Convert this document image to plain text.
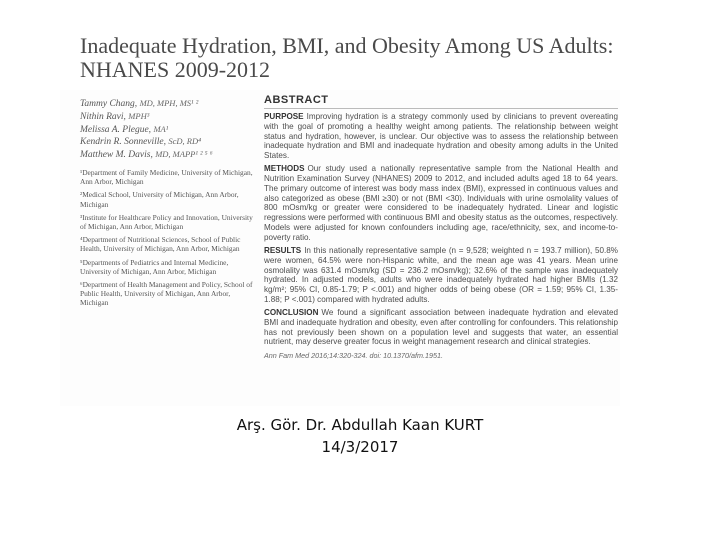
Inadequate Hydration, BMI, and Obesity Among US Adults: NHANES 2009-2012
Tammy Chang, MD, MPH, MS¹ ²
Nithin Ravi, MPH³
Melissa A. Plegue, MA¹
Kendrin R. Sonneville, ScD, RD⁴
Matthew M. Davis, MD, MAPP¹ ² ⁵ ⁶
¹Department of Family Medicine, University of Michigan, Ann Arbor, Michigan
²Medical School, University of Michigan, Ann Arbor, Michigan
³Institute for Healthcare Policy and Innovation, University of Michigan, Ann Arbor, Michigan
⁴Department of Nutritional Sciences, School of Public Health, University of Michigan, Ann Arbor, Michigan
⁵Departments of Pediatrics and Internal Medicine, University of Michigan, Ann Arbor, Michigan
⁶Department of Health Management and Policy, School of Public Health, University of Michigan, Ann Arbor, Michigan
ABSTRACT
PURPOSE Improving hydration is a strategy commonly used by clinicians to prevent overeating with the goal of promoting a healthy weight among patients. The relationship between weight status and hydration, however, is unclear. Our objective was to assess the relationship between inadequate hydration and BMI and inadequate hydration and obesity among adults in the United States.
METHODS Our study used a nationally representative sample from the National Health and Nutrition Examination Survey (NHANES) 2009 to 2012, and included adults aged 18 to 64 years. The primary outcome of interest was body mass index (BMI), expressed in continuous values and also categorized as obese (BMI ≥30) or not (BMI <30). Individuals with urine osmolality values of 800 mOsm/kg or greater were considered to be inadequately hydrated. Linear and logistic regressions were performed with continuous BMI and obesity status as the outcomes, respectively. Models were adjusted for known confounders including age, race/ethnicity, sex, and income-to-poverty ratio.
RESULTS In this nationally representative sample (n = 9,528; weighted n = 193.7 million), 50.8% were women, 64.5% were non-Hispanic white, and the mean age was 41 years. Mean urine osmolality was 631.4 mOsm/kg (SD = 236.2 mOsm/kg); 32.6% of the sample was inadequately hydrated. In adjusted models, adults who were inadequately hydrated had higher BMIs (1.32 kg/m²; 95% CI, 0.85-1.79; P <.001) and higher odds of being obese (OR = 1.59; 95% CI, 1.35-1.88; P <.001) compared with hydrated adults.
CONCLUSION We found a significant association between inadequate hydration and elevated BMI and inadequate hydration and obesity, even after controlling for confounders. This relationship has not previously been shown on a population level and suggests that water, an essential nutrient, may deserve greater focus in weight management research and clinical strategies.
Ann Fam Med 2016;14:320-324. doi: 10.1370/afm.1951.
Arş. Gör. Dr. Abdullah Kaan KURT
14/3/2017
